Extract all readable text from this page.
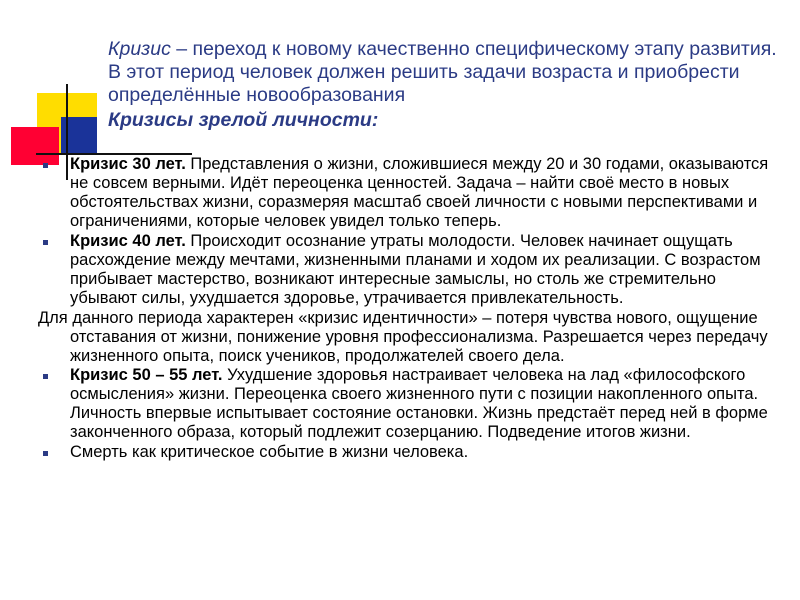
Кризис – переход к новому качественно специфическому этапу развития. В этот период человек должен решить задачи возраста и приобрести определённые новообразования
Кризисы зрелой личности:
Кризис 30 лет. Представления о жизни, сложившиеся между 20 и 30 годами, оказываются не совсем верными. Идёт переоценка ценностей. Задача – найти своё место в новых обстоятельствах жизни, соразмеряя масштаб своей личности с новыми перспективами и ограничениями, которые человек увидел только теперь.
Кризис 40 лет. Происходит осознание утраты молодости. Человек начинает ощущать расхождение между мечтами, жизненными планами и ходом их реализации. С возрастом прибывает мастерство, возникают интересные замыслы, но столь же стремительно убывают силы, ухудшается здоровье, утрачивается привлекательность.
Для данного периода характерен «кризис идентичности» – потеря чувства нового, ощущение отставания от жизни, понижение уровня профессионализма. Разрешается через передачу жизненного опыта, поиск учеников, продолжателей своего дела.
Кризис 50 – 55 лет. Ухудшение здоровья настраивает человека на лад «философского осмысления» жизни. Переоценка своего жизненного пути с позиции накопленного опыта. Личность впервые испытывает состояние остановки. Жизнь предстаёт перед ней в форме законченного образа, который подлежит созерцанию. Подведение итогов жизни.
Смерть как критическое событие в жизни человека.
